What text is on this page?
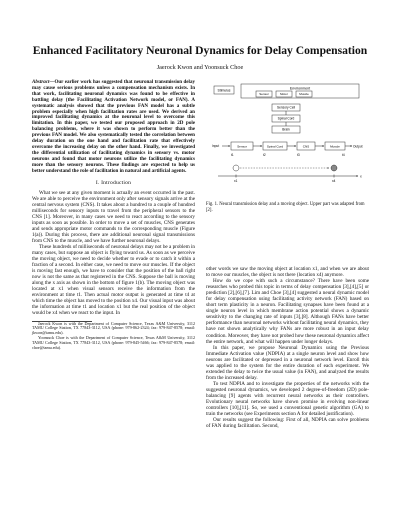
Enhanced Facilitatory Neuronal Dynamics for Delay Compensation
Jaerock Kwon and Yoonsuck Choe

Abstract—Our earlier work has suggested that neuronal transmission delay may cause serious problems unless a compensation mechanism exists. In that work, facilitating neuronal dynamics was found to be effective in battling delay (the Facilitating Activation Network model, or FAN). A systematic analysis showed that the previous FAN model has a subtle problem especially when high facilitation rates are used. We derived an improved facilitating dynamics at the neuronal level to overcome this limitation. In this paper, we tested our proposed approach in 2D pole balancing problems, where it was shown to perform better than the previous FAN model. We also systematically tested the correlation between delay duration on the one hand and facilitation rate that effectively overcome the increasing delay on the other hand. Finally, we investigated the differential utilization of facilitating dynamics in sensory vs. motor neurons and found that motor neurons utilize the facilitating dynamics more than the sensory neurons. These findings are expected to help us better understand the role of facilitation in natural and artificial agents.

I. Introduction

What we see at any given moment is actually an event occurred in the past. We are able to perceive the environment only after sensory signals arrive at the central nervous system (CNS). It takes about a hundred to a couple of hundred milliseconds for sensory inputs to travel from the peripheral sensors to the CNS [1]. Moreover, in many cases we need to react according to the sensory inputs as soon as possible. In order to move a set of muscles, CNS generates and sends appropriate motor commands to the corresponding muscle (Figure 1(a)). During this process, there are additional neuronal signal transmissions from CNS to the muscle, and we have further neuronal delays.

These hundreds of milliseconds of neuronal delays may not be a problem in many cases, but suppose an object is flying toward us. As soon as we perceive the moving object, we need to decide whether to evade or to catch it within a fraction of a second. In either case, we need to move our muscles. If the object is moving fast enough, we have to consider that the position of the ball right now is not the same as that registered in the CNS. Suppose the ball is moving along the x axis as shown in the bottom of figure 1(b). The moving object was located at x1 when visual sensors receive the information from the environment at time t1. Then actual motor output is generated at time t4 at which time the object has moved to the position x4. Our visual input was about the information at time t1 and location x1 but the real position of the object would be x4 when we react to the input. In

Jaerock Kwon is with the Department of Computer Science, Texas A&M University, 3112 TAMU College Station, TX 77843-3112, USA (phone: 979-862-2324; fax: 979-847-8578; email: jkwon@tamu.edu).

Yoonsuck Choe is with the Department of Computer Science, Texas A&M University, 3112 TAMU College Station, TX 77843-3112, USA (phone: 979-845-5466; fax: 979-847-8578; email: choe@tamu.edu).

Environment
Stimulus
Sensor	Motor	Muscle
Sensory Cell
Spinal Cord
Brain
Input	Sensor	Spinal Cord	CNS	Muscle	Output
t1	t2	t3	t4
x
x1	x4
Fig. 1. Neural transmission delay and a moving object. Upper part was adapted from [2].

other words we saw the moving object at location x1, and when we are about to move our muscles, the object is not there (location x4) anymore.

How do we cope with such a circumstance? There have been some researches who probed this topic in terms of delay compensation [3],[4],[5] or prediction [2],[6],[7]. Lim and Choe [3],[4] suggested a neural dynamic model for delay compensation using facilitating activity network (FAN) based on short term plasticity in a neuron. Facilitating synapses have been found at a single neuron level in which membrane action potential shows a dynamic sensitivity to the changing rate of inputs [3],[8]. Although FANs have better performance than neuronal networks without facilitating neural dynamics, they have not shown analytically why FANs are more robust in an input delay condition. Moreover, they have not probed how these neuronal dynamics affect the entire network, and what will happen under longer delays.

In this paper, we propose Neuronal Dynamics using the Previous Immediate Activation value (NDPIA) at a single neuron level and show how neurons are facilitated or depressed in a neuronal network level. Enroll this was applied to the system for the entire duration of each experiment. We extended the delay to twice the usual value (in FAN), and analyzed the results from the increased delay.

To test NDPIA and to investigate the properties of the networks with the suggested neuronal dynamics, we developed 2 degree-of-freedom (2D) pole-balancing [9] agents with recurrent neural networks as their controllers. Evolutionary neural networks have shown promise in evolving non-linear controllers [10],[11]. So, we used a conventional genetic algorithm (GA) to train the networks (see Experiments section A for detailed justification).

Our results suggest the following: First of all, NDPIA can solve problems of FAN during facilitation. Second,
